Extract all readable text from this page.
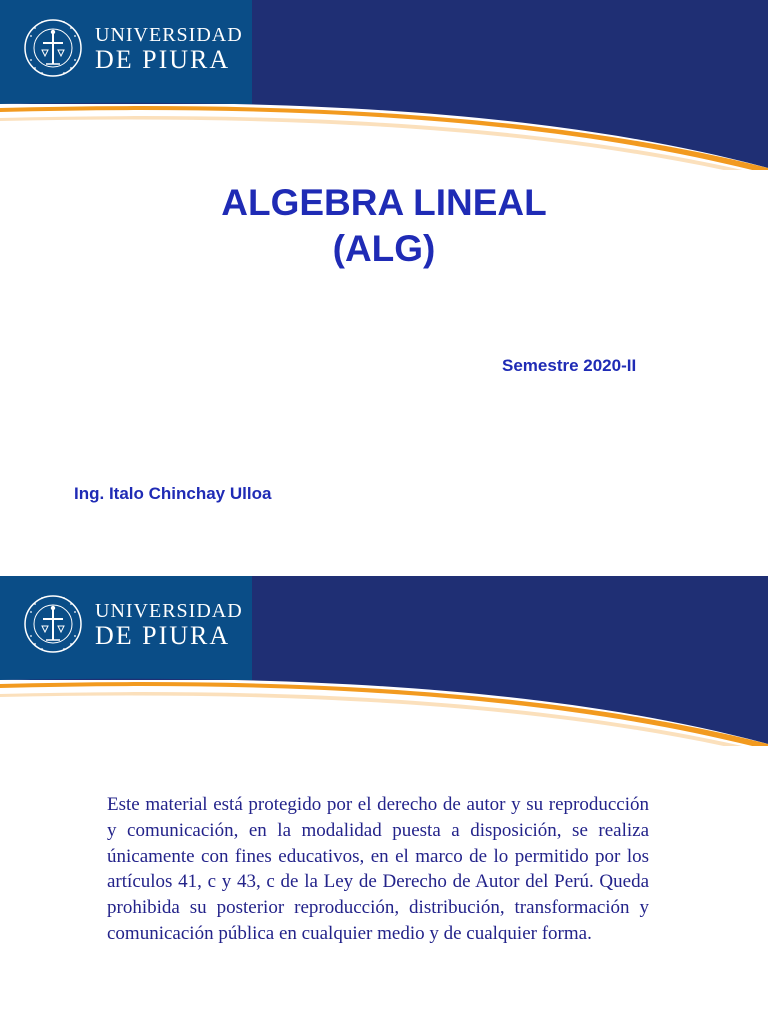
UNIVERSIDAD
DE PIURA
ALGEBRA LINEAL
(ALG)
Semestre 2020-II
Ing. Italo Chinchay Ulloa
UNIVERSIDAD
DE PIURA

Este material está protegido por el derecho de autor y su reproducción y comunicación, en la modalidad puesta a disposición, se realiza únicamente con fines educativos, en el marco de lo permitido por los artículos 41, c y 43, c de la Ley de Derecho de Autor del Perú. Queda prohibida su posterior reproducción, distribución, transformación y comunicación pública en cualquier medio y de cualquier forma.
